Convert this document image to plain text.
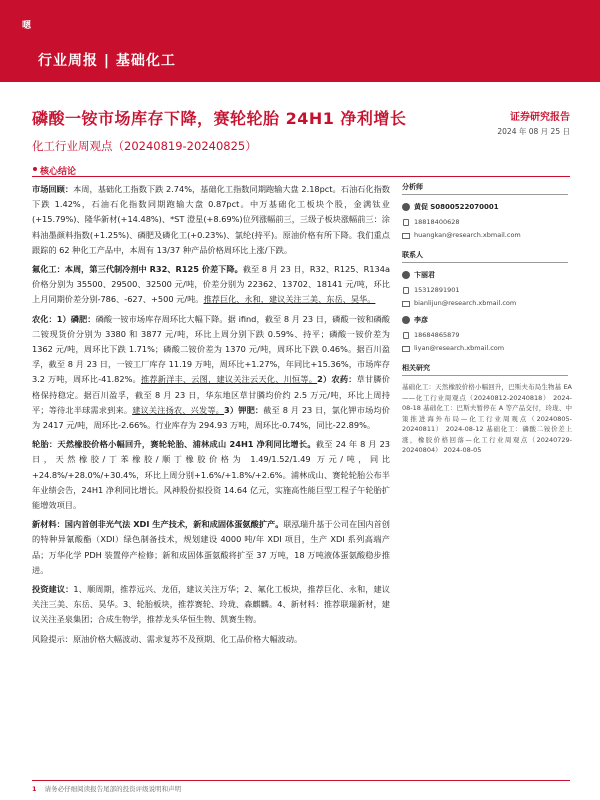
嗯
行业周报 | 基础化工
磷酸一铵市场库存下降，赛轮轮胎 24H1 净利增长
化工行业周观点（20240819-20240825）
证券研究报告
2024 年 08 月 25 日
核心结论

市场回顾：本周，基础化工指数下跌 2.74%，基础化工指数同期跑输大盘 2.18pct。石油石化指数下跌 1.42%，石油石化指数同期跑输大盘 0.87pct。中万基础化工板块个股，金满钛业(+15.79%)、隆华新材(+14.48%)、*ST 澄星(+8.69%)位列涨幅前三，三级子板块涨幅前三：涂料油墨颜料指数(+1.25%)、磷肥及磷化工(+0.23%)、氯纶(持平)。原油价格有所下降。我们重点跟踪的 62 种化工产品中，本周有 13/37 种产品价格周环比上涨/下跌。

氟化工：本周，第三代制冷剂中 R32、R125 价差下降。截至 8 月 23 日，R32、R125、R134a 价格分别为 35500、29500、32500 元/吨，价差分别为 22362、13702、18141 元/吨，环比上月同期价差分别-786、-627、+500 元/吨。推荐巨化、永和，建议关注三美、东岳、昊华。

农化：1）磷肥：磷酸一铵市场库存周环比大幅下降。据 ifind，截至 8 月 23 日，磷酸一铵和磷酸二铵现货价分别为 3380 和 3877 元/吨，环比上周分别下跌 0.59%、持平；磷酸一铵价差为 1362 元/吨，周环比下跌 1.71%；磷酸二铵价差为 1370 元/吨，周环比下跌 0.46%。据百川盈孚，截至 8 月 23 日，一铵工厂库存 11.19 万吨，周环比+1.27%，年同比+15.36%，市场库存 3.2 万吨，周环比-41.82%。推荐新洋丰、云图，建议关注云天化、川恒等。2）农药：草甘膦价格保持稳定。据百川盈孚，截至 8 月 23 日，华东地区草甘膦均价约 2.5 万元/吨，环比上周持平；等待北半球需求到来。建议关注扬农、兴发等。3）钾肥：截至 8 月 23 日，氯化钾市场均价为 2417 元/吨，周环比-2.66%。行业库存为 294.93 万吨，周环比-0.74%，同比-22.89%。

轮胎：天然橡胶价格小幅回升，赛轮轮胎、浦林成山 24H1 净利同比增长。截至 24 年 8 月 23 日，天然橡胶/丁苯橡胶/顺丁橡胶价格为 1.49/1.52/1.49 万元/吨，同比+24.8%/+28.0%/+30.4%，环比上周分别+1.6%/+1.8%/+2.6%。浦林成山、赛轮轮胎公布半年业绩会告，24H1 净利同比增长。风神股份拟投资 14.64 亿元，实施高性能巨型工程子午轮胎扩能增效项目。

新材料：国内首创非光气法 XDI 生产技术，新和成固体蛋氨酸扩产。联泓瑞升基于公司在国内首创的特种异氰酸酯（XDI）绿色制备技术，规划建设 4000 吨/年 XDI 项目，生产 XDI 系列高端产品；万华化学 PDH 装置停产检修；新和成固体蛋氨酸将扩至 37 万吨，18 万吨液体蛋氨酸稳步推进。

投资建议：1、顺周期，推荐远兴、龙佰，建议关注万华；2、氟化工板块，推荐巨化、永和，建议关注三美、东岳、昊华。3、轮胎板块，推荐赛轮、玲珑、森麒麟。4、新材料：推荐联瑞新材，建议关注圣泉集团；合成生物学，推荐龙头华恒生物、凯赛生物。

风险提示：原油价格大幅波动、需求复苏不及预期、化工品价格大幅波动。

分析师
黄促 S0800522070001
18818400628
huangkan@research.xbmail.com
联系人
卞丽君
15312891901
bianlijun@research.xbmail.com
李彦
18684865879
liyan@research.xbmail.com
相关研究
基础化工：天然橡胶价格小幅回升，巴斯夫布局生物基 EA——化工行业周观点（20240812-20240818） 2024-08-18 基础化工：巴斯夫暂停在 A 等产品交付，玲珑、中策推进海外布局—化工行业周观点（20240805-20240811） 2024-08-12 基础化工：磷酸二铵价差上涨，橡胶价格回落—化工行业周观点（20240729-20240804） 2024-08-05
1 请务必仔细阅读报告尾部的投资评级说明和声明
